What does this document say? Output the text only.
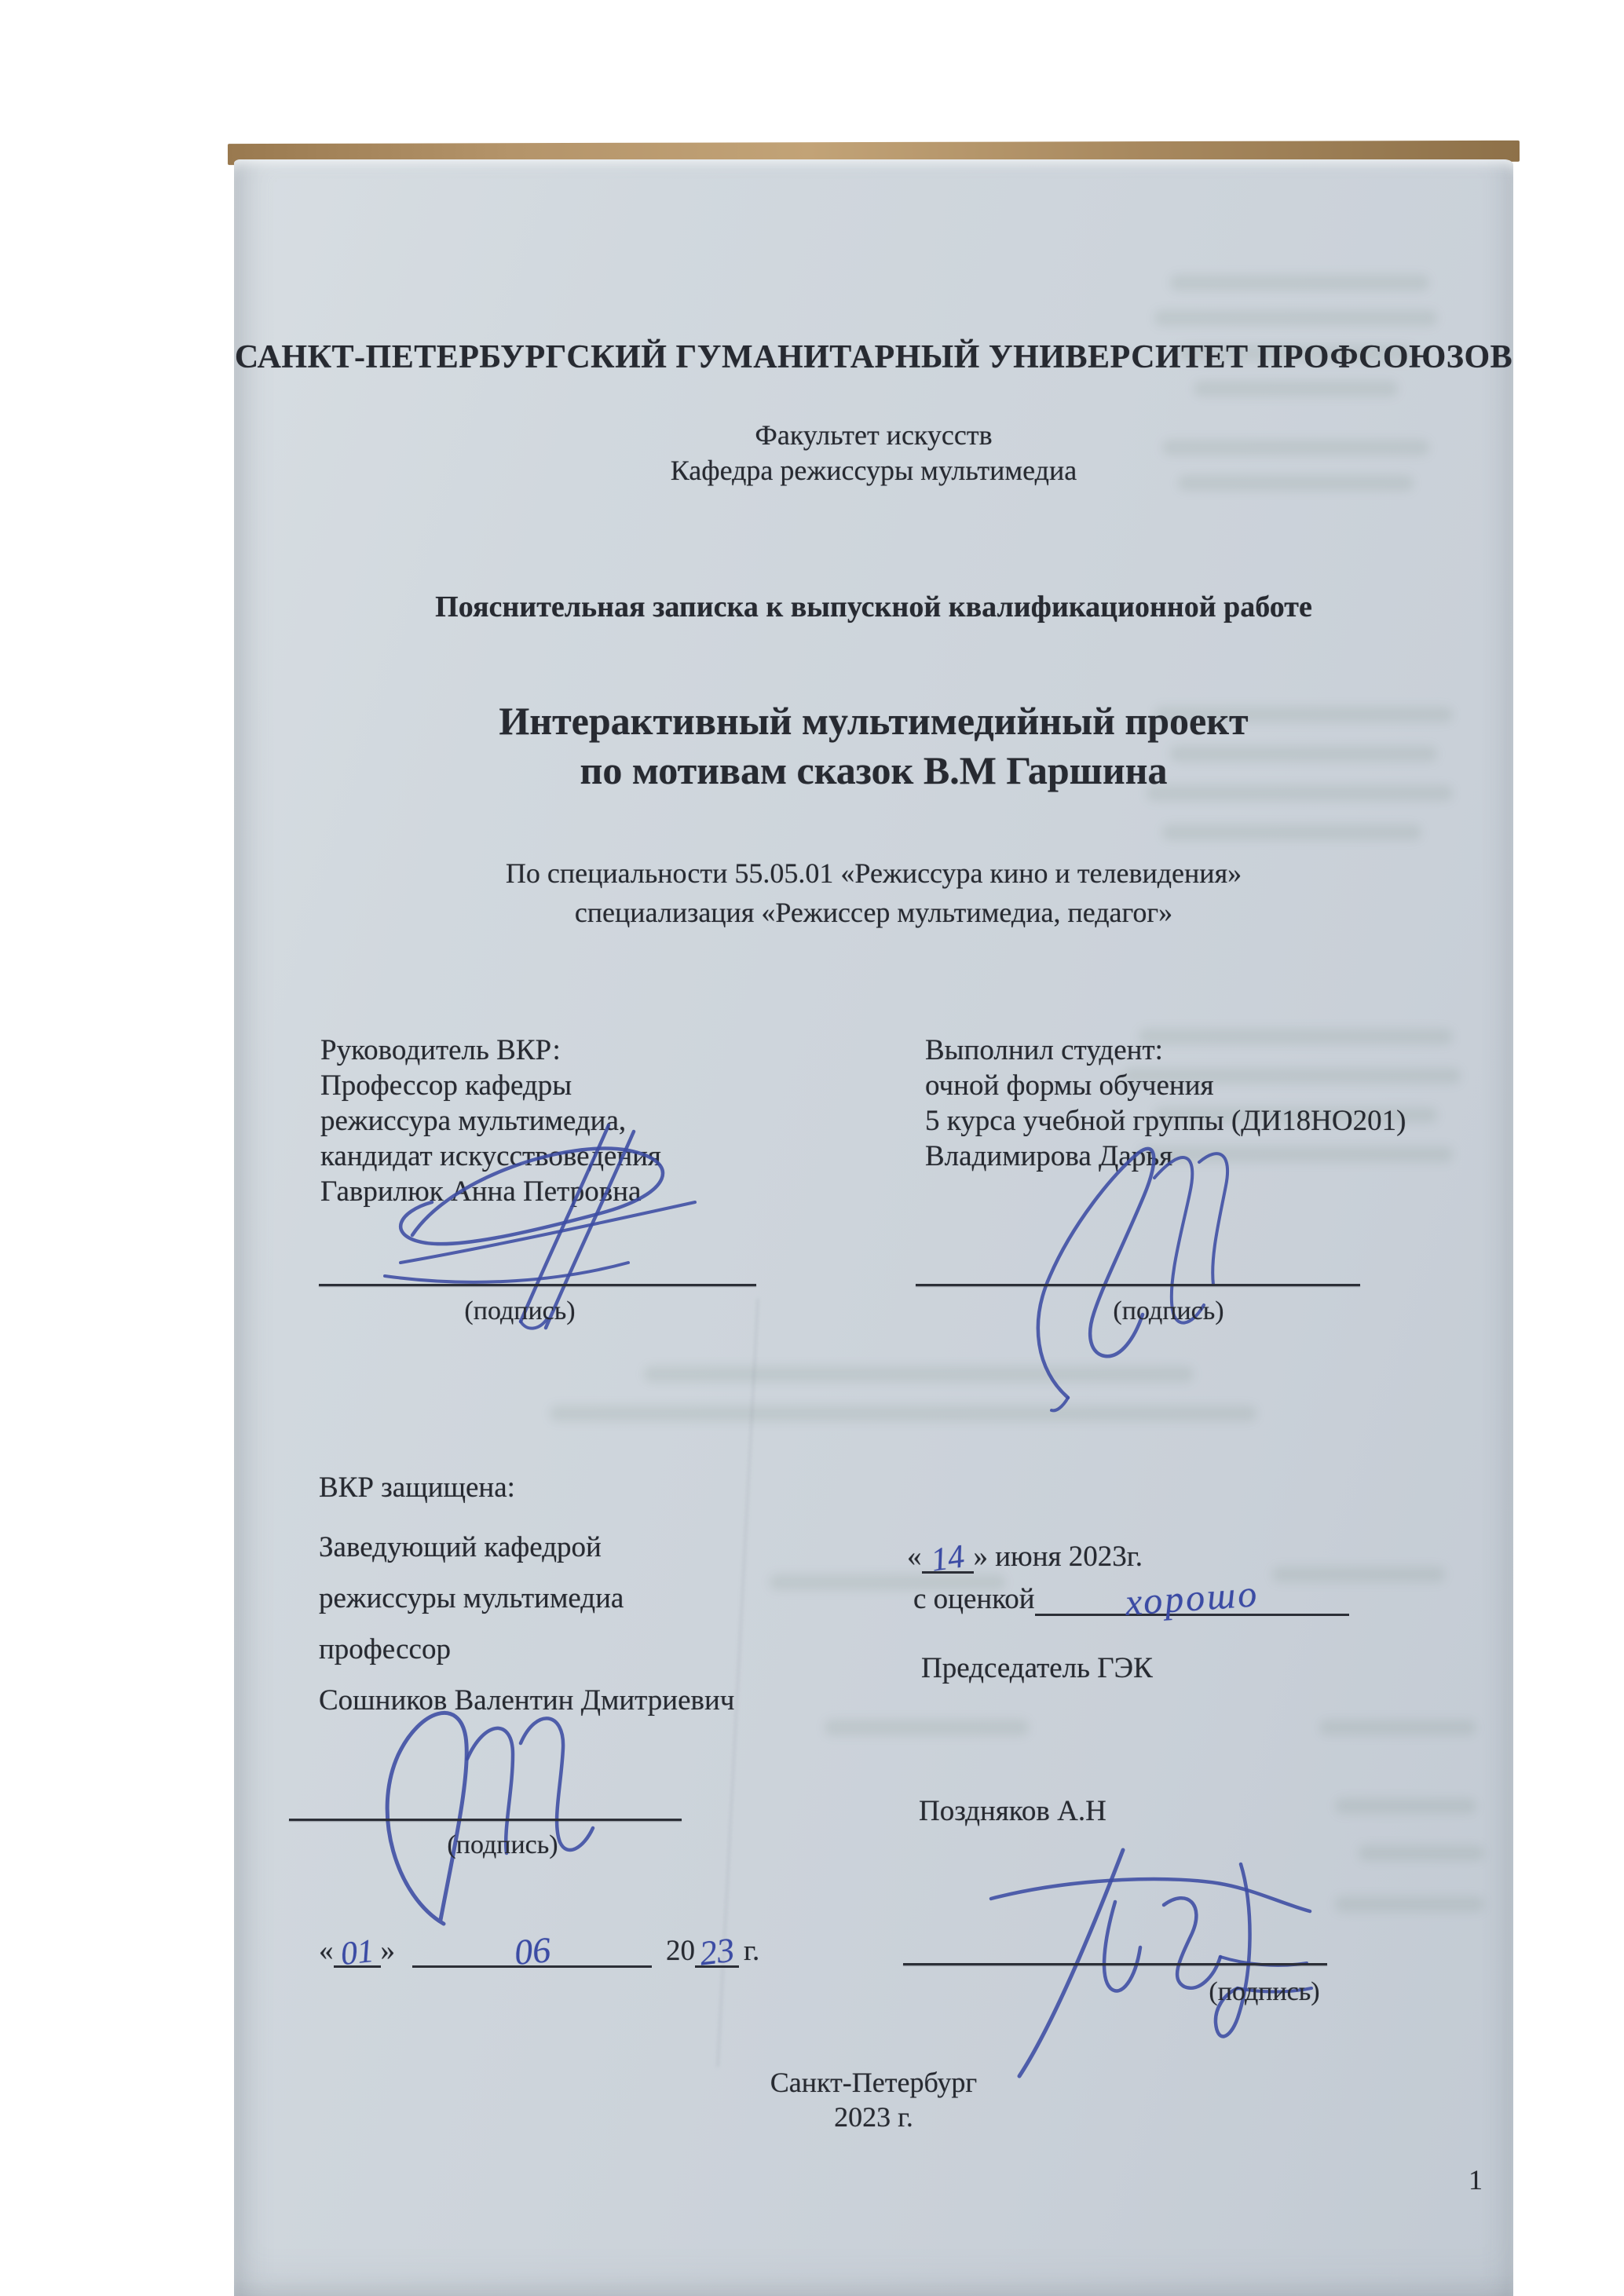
САНКТ-ПЕТЕРБУРГСКИЙ ГУМАНИТАРНЫЙ УНИВЕРСИТЕТ ПРОФСОЮЗОВ
Факультет искусств
Кафедра режиссуры мультимедиа
Пояснительная записка к выпускной квалификационной работе
Интерактивный мультимедийный проект
по мотивам сказок В.М Гаршина
По специальности 55.05.01 «Режиссура кино и телевидения»
специализация «Режиссер мультимедиа, педагог»
Руководитель ВКР:
Профессор кафедры
режиссура мультимедиа,
кандидат искусствоведения
Гаврилюк Анна Петровна
Выполнил студент:
очной формы обучения
5 курса учебной группы (ДИ18НО201)
Владимирова Дарья
(подпись)	(подпись)
ВКР защищена:
Заведующий кафедрой
режиссуры мультимедиа
профессор
Сошников Валентин Дмитриевич
« 14 » июня 2023г.
с оценкой хорошо
Председатель ГЭК
(подпись)
Поздняков А.Н
« 01 »	06	20 23 г.
(подпись)
Санкт-Петербург
2023 г.
1
